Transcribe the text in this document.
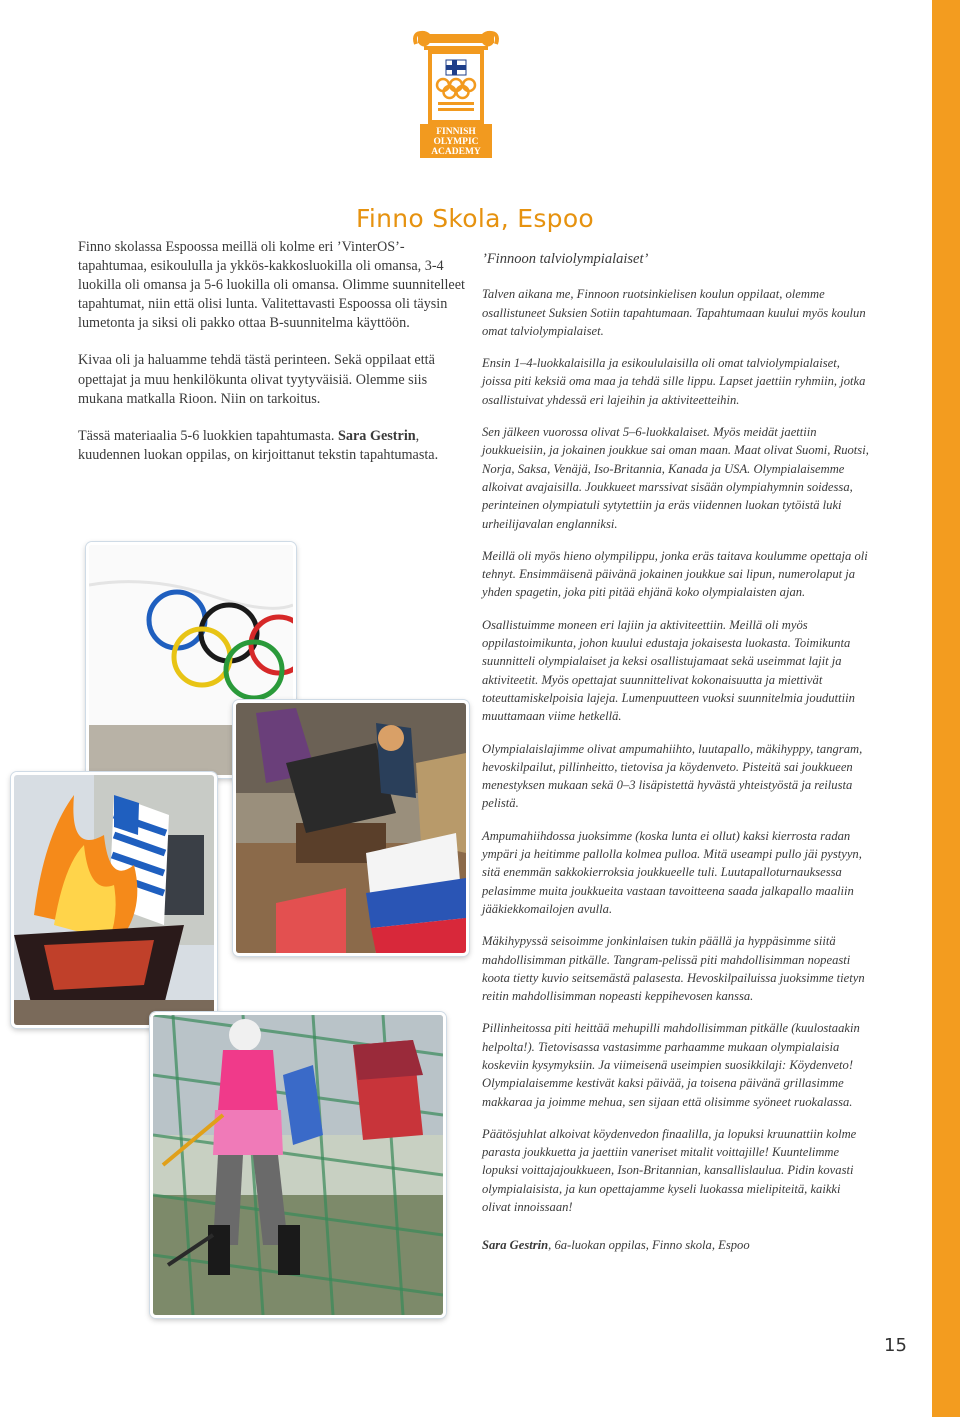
FINNISH
OLYMPIC
ACADEMY
Finno Skola, Espoo

Finno skolassa Espoossa meillä oli kolme eri ’VinterOS’-tapahtumaa, esikoululla ja ykkös-kakkosluokilla oli omansa, 3-4 luokilla oli omansa ja 5-6 luokilla oli omansa. Olimme suunnitelleet tapahtumat, niin että olisi lunta. Valitettavasti Espoossa oli täysin lumetonta ja siksi oli pakko ottaa B-suunnitelma käyttöön.

Kivaa oli ja haluamme tehdä tästä perinteen. Sekä oppilaat että opettajat ja muu henkilökunta olivat tyytyväisiä. Olemme siis mukana matkalla Rioon. Niin on tarkoitus.

Tässä materiaalia 5-6 luokkien tapahtumasta. Sara Gestrin, kuudennen luokan oppilas, on kirjoittanut tekstin tapahtumasta.

’Finnoon talviolympialaiset’

Talven aikana me, Finnoon ruotsinkielisen koulun oppilaat, olemme osallistuneet Suksien Sotiin tapahtumaan. Tapahtumaan kuului myös koulun omat talviolympialaiset.

Ensin 1–4-luokkalaisilla ja esikoululaisilla oli omat talviolympialaiset, joissa piti keksiä oma maa ja tehdä sille lippu. Lapset jaettiin ryhmiin, jotka osallistuivat yhdessä eri lajeihin ja aktiviteetteihin.

Sen jälkeen vuorossa olivat 5–6-luokkalaiset. Myös meidät jaettiin joukkueisiin, ja jokainen joukkue sai oman maan. Maat olivat Suomi, Ruotsi, Norja, Saksa, Venäjä, Iso-Britannia, Kanada ja USA. Olympialaisemme alkoivat avajaisilla. Joukkueet marssivat sisään olympiahymnin soidessa, perinteinen olympiatuli sytytettiin ja eräs viidennen luokan tytöistä luki urheilijavalan englanniksi.

Meillä oli myös hieno olympilippu, jonka eräs taitava koulumme opettaja oli tehnyt. Ensimmäisenä päivänä jokainen joukkue sai lipun, numerolaput ja yhden spagetin, joka piti pitää ehjänä koko olympialaisten ajan.

Osallistuimme moneen eri lajiin ja aktiviteettiin. Meillä oli myös oppilastoimikunta, johon kuului edustaja jokaisesta luokasta. Toimikunta suunnitteli olympialaiset ja keksi osallistujamaat sekä useimmat lajit ja aktiviteetit. Myös opettajat suunnittelivat kokonaisuutta ja miettivät toteuttamiskelpoisia lajeja. Lumenpuutteen vuoksi suunnitelmia jouduttiin muuttamaan viime hetkellä.

Olympialaislajimme olivat ampumahiihto, luutapallo, mäkihyppy, tangram, hevoskilpailut, pillinheitto, tietovisa ja köydenveto. Pisteitä sai joukkueen menestyksen mukaan sekä 0–3 lisäpistettä hyvästä yhteistyöstä ja reilusta pelistä.

Ampumahiihdossa juoksimme (koska lunta ei ollut) kaksi kierrosta radan ympäri ja heitimme pallolla kolmea pulloa. Mitä useampi pullo jäi pystyyn, sitä enemmän sakkokierroksia joukkueelle tuli. Luutapalloturnauksessa pelasimme muita joukkueita vastaan tavoitteena saada jalkapallo maaliin jääkiekkomailojen avulla.

Mäkihypyssä seisoimme jonkinlaisen tukin päällä ja hyppäsimme siitä mahdollisimman pitkälle. Tangram-pelissä piti mahdollisimman nopeasti koota tietty kuvio seitsemästä palasesta. Hevoskilpailuissa juoksimme tietyn reitin mahdollisimman nopeasti keppihevosen kanssa.

Pillinheitossa piti heittää mehupilli mahdollisimman pitkälle (kuulostaakin helpolta!). Tietovisassa vastasimme parhaamme mukaan olympialaisia koskeviin kysymyksiin. Ja viimeisenä useimpien suosikkilaji: Köydenveto! Olympialaisemme kestivät kaksi päivää, ja toisena päivänä grillasimme makkaraa ja joimme mehua, sen sijaan että olisimme syöneet ruokalassa.

Päätösjuhlat alkoivat köydenvedon finaalilla, ja lopuksi kruunattiin kolme parasta joukkuetta ja jaettiin vaneriset mitalit voittajille! Kuuntelimme lopuksi voittajajoukkueen, Ison-Britannian, kansallislaulua. Pidin kovasti olympialaisista, ja kun opettajamme kyseli luokassa mielipiteitä, kaikki olivat innoissaan!

Sara Gestrin, 6a-luokan oppilas, Finno skola, Espoo

15
